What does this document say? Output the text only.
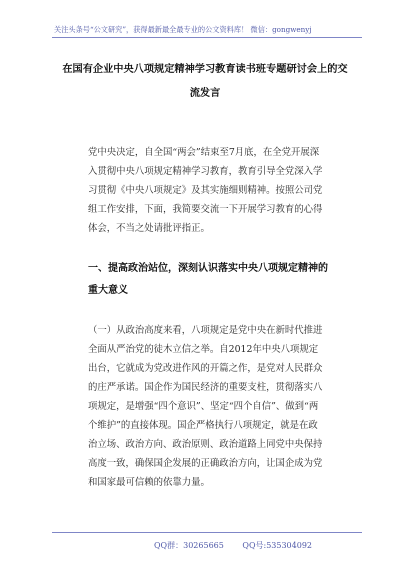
关注头条号“公文研究”，获得最新最全最专业的公文资料库！ 微信：gongwenyj
在国有企业中央八项规定精神学习教育读书班专题研讨会上的交流发言
党中央决定，自全国“两会”结束至7月底，在全党开展深入贯彻中央八项规定精神学习教育，教育引导全党深入学习贯彻《中央八项规定》及其实施细则精神。按照公司党组工作安排，下面，我简要交流一下开展学习教育的心得体会，不当之处请批评指正。
一、提高政治站位，深刻认识落实中央八项规定精神的重大意义
（一）从政治高度来看，八项规定是党中央在新时代推进全面从严治党的徒木立信之举。自2012年中央八项规定出台，它就成为党改进作风的开篇之作，是党对人民群众的庄严承诺。国企作为国民经济的重要支柱，贯彻落实八项规定，是增强“四个意识”、坚定“四个自信”、做到“两个维护”的直接体现。国企严格执行八项规定，就是在政治立场、政治方向、政治原则、政治道路上同党中央保持高度一致，确保国企发展的正确政治方向，让国企成为党和国家最可信赖的依靠力量。
QQ群：30265665 QQ号:535304092
